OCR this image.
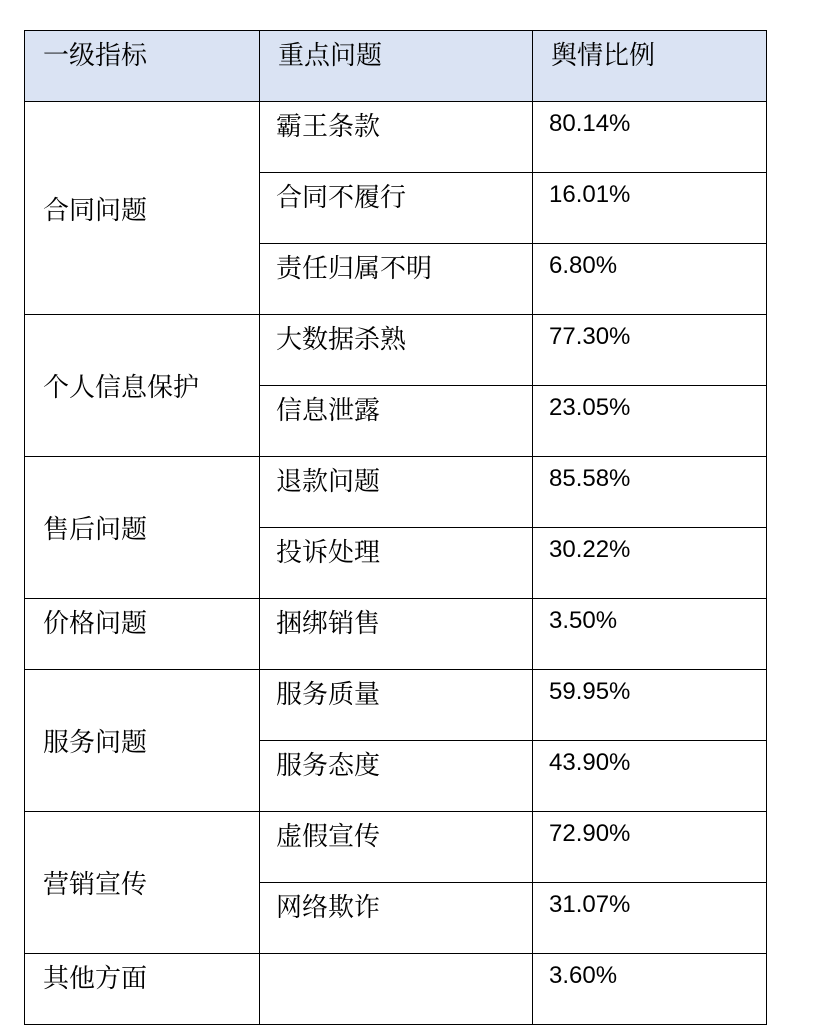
一级指标	重点问题	舆情比例
合同问题	霸王条款	80.14%
	合同不履行	16.01%
	责任归属不明	6.80%
个人信息保护	大数据杀熟	77.30%
	信息泄露	23.05%
售后问题	退款问题	85.58%
	投诉处理	30.22%
价格问题	捆绑销售	3.50%
服务问题	服务质量	59.95%
	服务态度	43.90%
营销宣传	虚假宣传	72.90%
	网络欺诈	31.07%
其他方面		3.60%
